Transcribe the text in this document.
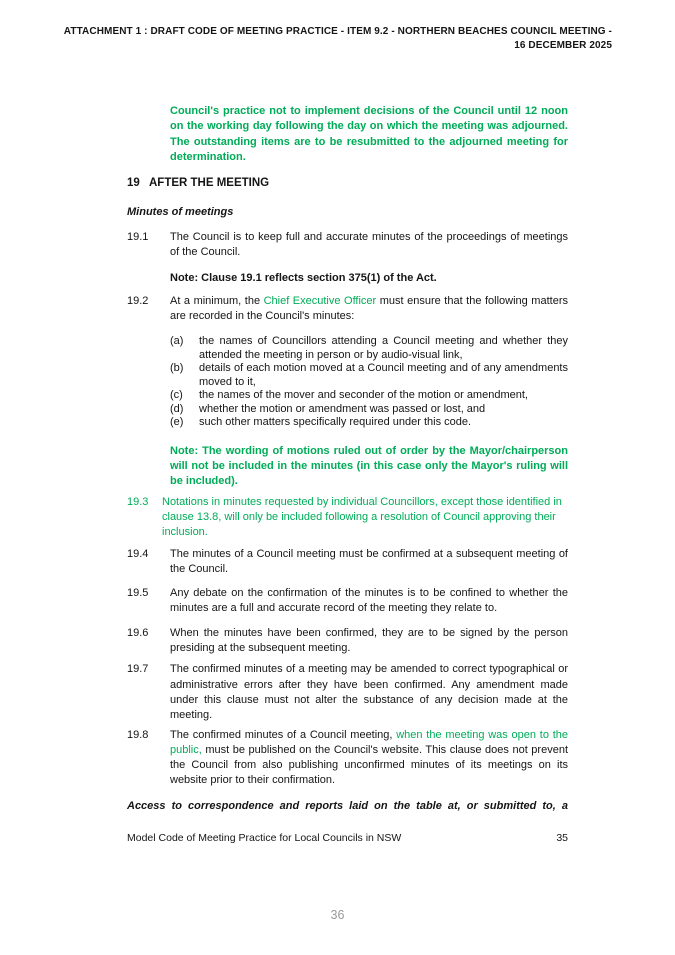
ATTACHMENT 1 : DRAFT CODE OF MEETING PRACTICE - ITEM 9.2 - NORTHERN BEACHES COUNCIL MEETING -
16 DECEMBER 2025
Council's practice not to implement decisions of the Council until 12 noon on the working day following the day on which the meeting was adjourned. The outstanding items are to be resubmitted to the adjourned meeting for determination.
19 AFTER THE MEETING
Minutes of meetings
19.1 The Council is to keep full and accurate minutes of the proceedings of meetings of the Council.
Note: Clause 19.1 reflects section 375(1) of the Act.
19.2 At a minimum, the Chief Executive Officer must ensure that the following matters are recorded in the Council's minutes:
(a) the names of Councillors attending a Council meeting and whether they attended the meeting in person or by audio-visual link,
(b) details of each motion moved at a Council meeting and of any amendments moved to it,
(c) the names of the mover and seconder of the motion or amendment,
(d) whether the motion or amendment was passed or lost, and
(e) such other matters specifically required under this code.
Note: The wording of motions ruled out of order by the Mayor/chairperson will not be included in the minutes (in this case only the Mayor's ruling will be included).
19.3 Notations in minutes requested by individual Councillors, except those identified in clause 13.8, will only be included following a resolution of Council approving their inclusion.
19.4 The minutes of a Council meeting must be confirmed at a subsequent meeting of the Council.
19.5 Any debate on the confirmation of the minutes is to be confined to whether the minutes are a full and accurate record of the meeting they relate to.
19.6 When the minutes have been confirmed, they are to be signed by the person presiding at the subsequent meeting.
19.7 The confirmed minutes of a meeting may be amended to correct typographical or administrative errors after they have been confirmed. Any amendment made under this clause must not alter the substance of any decision made at the meeting.
19.8 The confirmed minutes of a Council meeting, when the meeting was open to the public, must be published on the Council's website. This clause does not prevent the Council from also publishing unconfirmed minutes of its meetings on its website prior to their confirmation.
Access to correspondence and reports laid on the table at, or submitted to, a
Model Code of Meeting Practice for Local Councils in NSW	35
36
